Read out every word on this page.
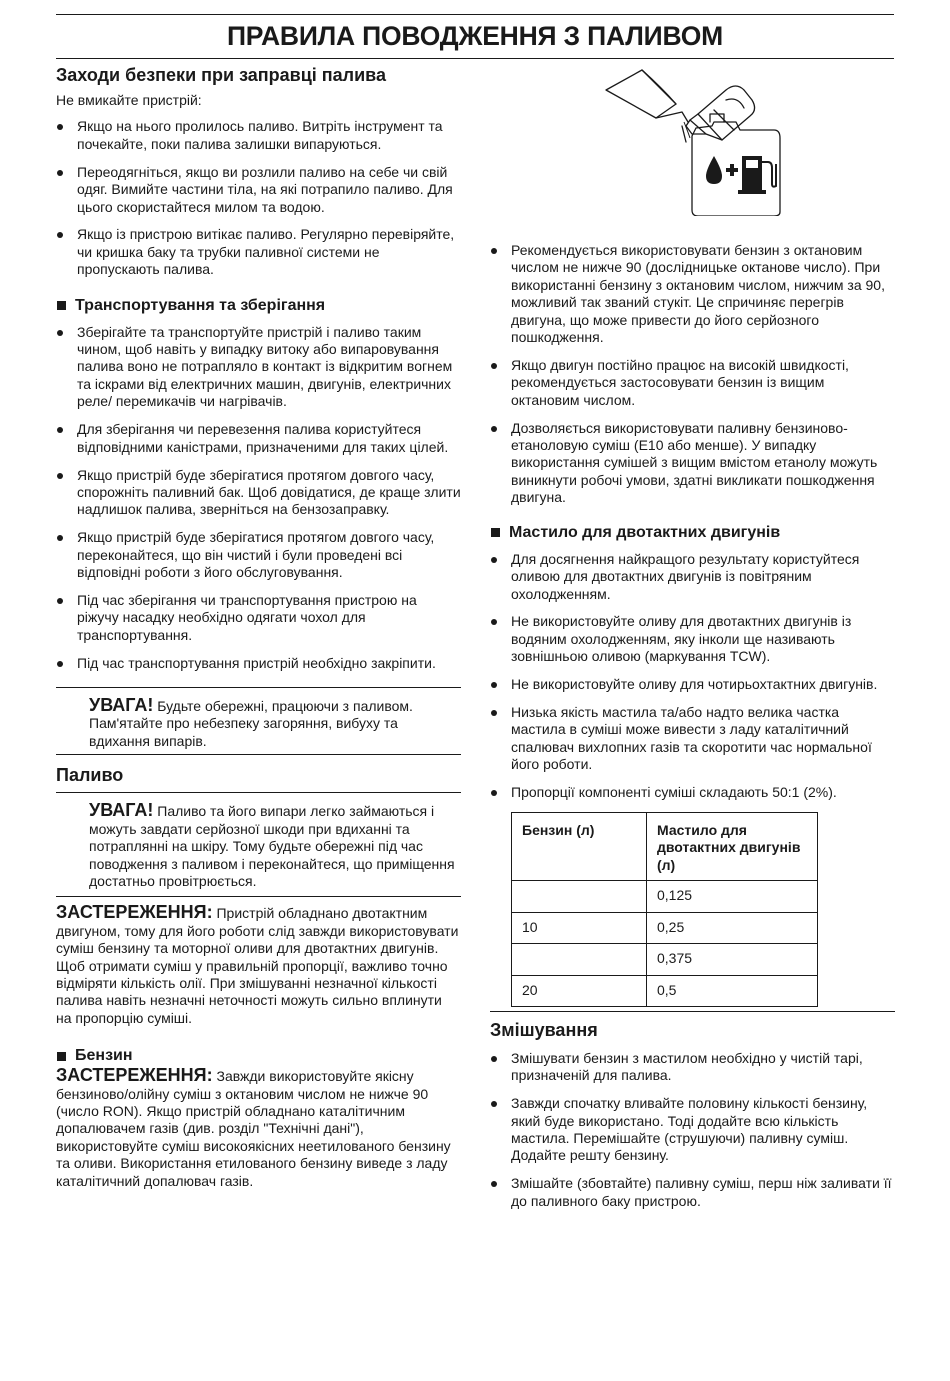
ПРАВИЛА ПОВОДЖЕННЯ З ПАЛИВОМ
Заходи безпеки при заправці палива

Не вмикайте пристрій:

Якщо на нього пролилось паливо. Витріть інструмент та почекайте, поки палива залишки випаруються.
Переодягніться, якщо ви розлили паливо на себе чи свій одяг. Вимийте частини тіла, на які потрапило паливо. Для цього скористайтеся милом та водою.
Якщо із пристрою витікає паливо. Регулярно перевіряйте, чи кришка баку та трубки паливної системи не пропускають палива.
Транспортування та зберігання
Зберігайте та транспортуйте пристрій і паливо таким чином, щоб навіть у випадку витоку або випаровування палива воно не потрапляло в контакт із відкритим вогнем та іскрами від електричних машин, двигунів, електричних реле/ перемикачів чи нагрівачів.
Для зберігання чи перевезення палива користуйтеся відповідними каністрами, призначеними для таких цілей.
Якщо пристрій буде зберігатися протягом довгого часу, спорожніть паливний бак. Щоб довідатися, де краще злити надлишок палива, зверніться на бензозаправку.
Якщо пристрій буде зберігатися протягом довгого часу, переконайтеся, що він чистий і були проведені всі відповідні роботи з його обслуговування.
Під час зберігання чи транспортування пристрою на ріжучу насадку необхідно одягати чохол для транспортування.
Під час транспортування пристрій необхідно закріпити.
УВАГА! Будьте обережні, працюючи з паливом. Пам'ятайте про небезпеку загоряння, вибуху та вдихання випарів.
Паливо
УВАГА! Паливо та його випари легко займаються і можуть завдати серйозної шкоди при вдиханні та потраплянні на шкіру. Тому будьте обережні під час поводження з паливом і переконайтеся, що приміщення достатньо провітрюється.
ЗАСТЕРЕЖЕННЯ: Пристрій обладнано двотактним двигуном, тому для його роботи слід завжди використовувати суміш бензину та моторної оливи для двотактних двигунів. Щоб отримати суміш у правильній пропорції, важливо точно відміряти кількість олії. При змішуванні незначної кількості палива навіть незначні неточності можуть сильно вплинути на пропорцію суміші.
Бензин
ЗАСТЕРЕЖЕННЯ: Завжди використовуйте якісну бензиново/олійну суміш з октановим числом не нижче 90 (число RON). Якщо пристрій обладнано каталітичним допалювачем газів (див. розділ "Технічні дані"), використовуйте суміш високоякісних неетилованого бензину та оливи. Використання етилованого бензину виведе з ладу каталітичний допалювач газів.
Рекомендується використовувати бензин з октановим числом не нижче 90 (дослідницьке октанове число). При використанні бензину з октановим числом, нижчим за 90, можливий так званий стукіт. Це спричиняє перегрів двигуна, що може привести до його серйозного пошкодження.
Якщо двигун постійно працює на високій швидкості, рекомендується застосовувати бензин із вищим октановим числом.
Дозволяється використовувати паливну бензиново-етаноловую суміш (E10 або менше). У випадку використання сумішей з вищим вмістом етанолу можуть виникнути робочі умови, здатні викликати пошкодження двигуна.
Мастило для двотактних двигунів
Для досягнення найкращого результату користуйтеся оливою для двотактних двигунів із повітряним охолодженням.
Не використовуйте оливу для двотактних двигунів із водяним охолодженням, яку інколи ще називають зовнішньою оливою (маркування TCW).
Не використовуйте оливу для чотирьохтактних двигунів.
Низька якість мастила та/або надто велика частка мастила в суміші може вивести з ладу каталітичний спалювач вихлопних газів та скоротити час нормальної його роботи.
Пропорції компоненті суміші складають 50:1 (2%).
Бензин (л)	Мастило для двотактних двигунів (л)
	0,125
10	0,25
	0,375
20	0,5
Змішування
Змішувати бензин з мастилом необхідно у чистій тарі, призначеній для палива.
Завжди спочатку вливайте половину кількості бензину, який буде використано. Тоді додайте всю кількість мастила. Перемішайте (струшуючи) паливну суміш. Додайте решту бензину.
Змішайте (збовтайте) паливну суміш, перш ніж заливати її до паливного баку пристрою.
